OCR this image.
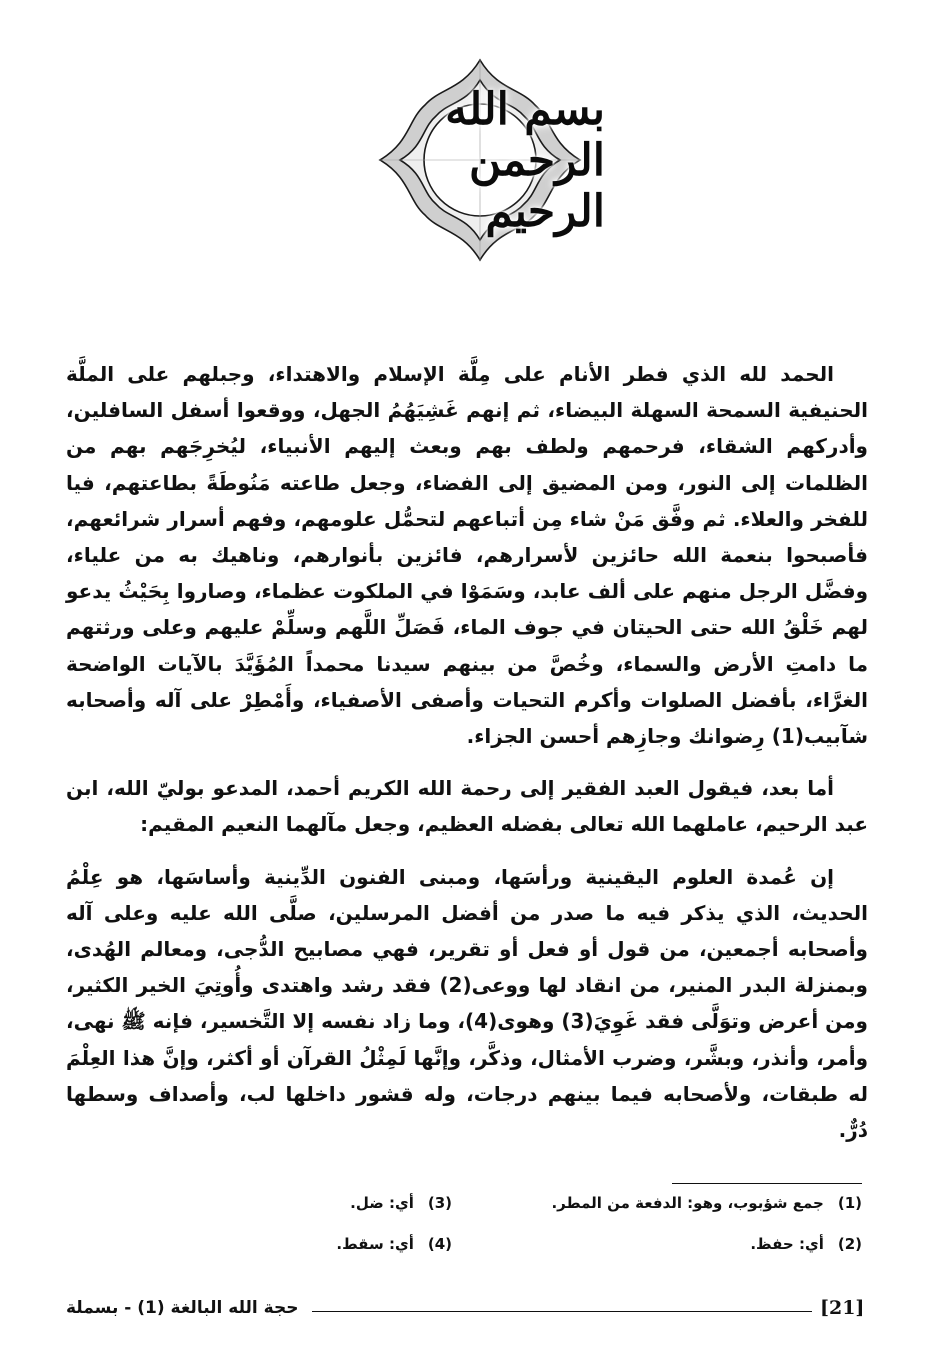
بسم الله الرحمن الرحيم

الحمد لله الذي فطر الأنام على مِلَّة الإسلام والاهتداء، وجبلهم على الملَّة الحنيفية السمحة السهلة البيضاء، ثم إنهم غَشِيَهُمُ الجهل، ووقعوا أسفل السافلين، وأدركهم الشقاء، فرحمهم ولطف بهم وبعث إليهم الأنبياء، ليُخرِجَهم بهم من الظلمات إلى النور، ومن المضيق إلى الفضاء، وجعل طاعته مَنُوطَةً بطاعتهم، فيا للفخر والعلاء. ثم وفَّق مَنْ شاء مِن أتباعهم لتحمُّل علومهم، وفهم أسرار شرائعهم، فأصبحوا بنعمة الله حائزين لأسرارهم، فائزين بأنوارهم، وناهيك به من علياء، وفضَّل الرجل منهم على ألف عابد، وسَمَوْا في الملكوت عظماء، وصاروا بِحَيْثُ يدعو لهم خَلْقُ الله حتى الحيتان في جوف الماء، فَصَلِّ اللَّهم وسلِّمْ عليهم وعلى ورثتهم ما دامتِ الأرض والسماء، وخُصَّ من بينهم سيدنا محمداً المُؤَيَّدَ بالآيات الواضحة الغرَّاء، بأفضل الصلوات وأكرم التحيات وأصفى الأصفياء، وأَمْطِرْ على آله وأصحابه شآبيب(1) رِضوانك وجازِهم أحسن الجزاء.

أما بعد، فيقول العبد الفقير إلى رحمة الله الكريم أحمد، المدعو بوليّ الله، ابن عبد الرحيم، عاملهما الله تعالى بفضله العظيم، وجعل مآلهما النعيم المقيم:

إن عُمدة العلوم اليقينية ورأسَها، ومبنى الفنون الدِّينية وأساسَها، هو عِلْمُ الحديث، الذي يذكر فيه ما صدر من أفضل المرسلين، صلَّى الله عليه وعلى آله وأصحابه أجمعين، من قول أو فعل أو تقرير، فهي مصابيح الدُّجى، ومعالم الهُدى، وبمنزلة البدر المنير، من انقاد لها ووعى(2) فقد رشد واهتدى وأُوتِيَ الخير الكثير، ومن أعرض وتوَلَّى فقد غَوِيَ(3) وهوى(4)، وما زاد نفسه إلا التَّخسير، فإنه ﷺ نهى، وأمر، وأنذر، وبشَّر، وضرب الأمثال، وذكَّر، وإنَّها لَمِثْلُ القرآن أو أكثر، وإنَّ هذا العِلْمَ له طبقات، ولأصحابه فيما بينهم درجات، وله قشور داخلها لب، وأصداف وسطها دُرٌّ.

(1)جمع شؤبوب، وهو: الدفعة من المطر.
(2)أي: حفظ.
(3)أي: ضل.
(4)أي: سقط.
حجة الله البالغة (1) - بسملة	[21]
